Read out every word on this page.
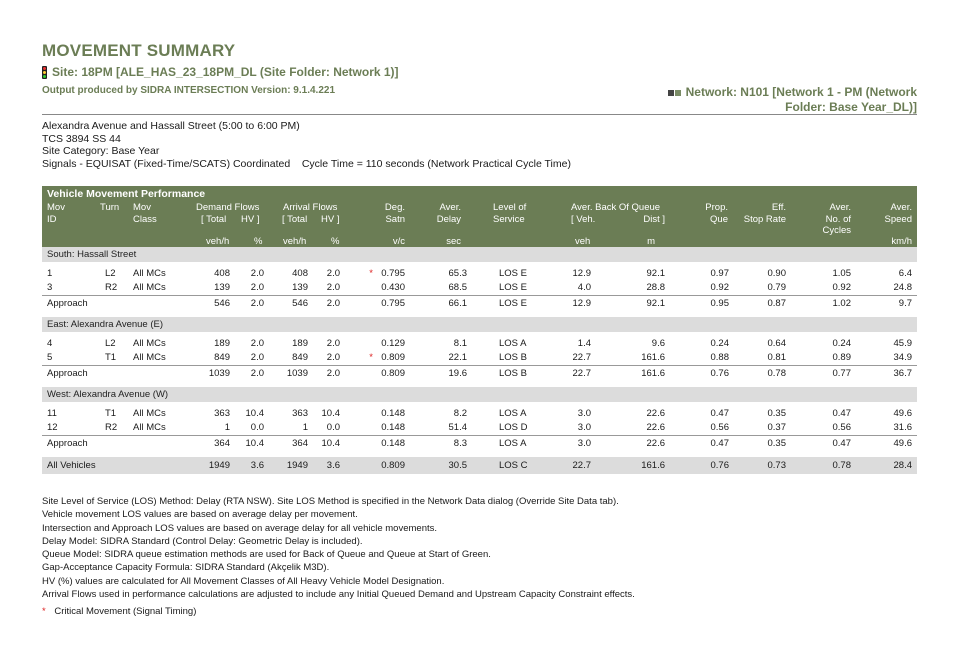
MOVEMENT SUMMARY
Site: 18PM [ALE_HAS_23_18PM_DL (Site Folder: Network 1)]
Output produced by SIDRA INTERSECTION Version: 9.1.4.221	Network: N101 [Network 1 - PM (Network
Folder: Base Year_DL)]
Alexandra Avenue and Hassall Street (5:00 to 6:00 PM)
TCS 3894 SS 44
Site Category: Base Year
Signals - EQUISAT (Fixed-Time/SCATS) Coordinated    Cycle Time = 110 seconds (Network Practical Cycle Time)
Vehicle Movement Performance
Mov	Turn Mov	Demand Flows Arrival Flows	Deg.	Aver.	Level of	Aver. Back Of Queue	Prop.	Eff.	Aver.	Aver.
ID	Class	[ Total HV ] [ Total HV ]	Satn	Delay	Service	[ Veh.	Dist ]	Que Stop Rate	No. of	Speed
Cycles
veh/h	% veh/h	%	v/c	sec	veh	m	km/h
South: Hassall Street
1	L2 All MCs	408 2.0	408 2.0	* 0.795	65.3	LOS E	12.9	92.1	0.97	0.90	1.05	6.4
3	R2 All MCs	139 2.0	139 2.0	0.430	68.5	LOS E	4.0	28.8	0.92	0.79	0.92	24.8
Approach	546 2.0	546 2.0	0.795	66.1	LOS E	12.9	92.1	0.95	0.87	1.02	9.7
East: Alexandra Avenue (E)
4	L2 All MCs	189 2.0	189 2.0	0.129	8.1	LOS A	1.4	9.6	0.24	0.64	0.24	45.9
5	T1 All MCs	849 2.0	849 2.0	* 0.809	22.1	LOS B	22.7	161.6	0.88	0.81	0.89	34.9
Approach	1039 2.0 1039 2.0	0.809	19.6	LOS B	22.7	161.6	0.76	0.78	0.77	36.7
West: Alexandra Avenue (W)
11	T1 All MCs	363 10.4	363 10.4	0.148	8.2	LOS A	3.0	22.6	0.47	0.35	0.47	49.6
12	R2 All MCs	1 0.0	1 0.0	0.148	51.4	LOS D	3.0	22.6	0.56	0.37	0.56	31.6
Approach	364 10.4	364 10.4	0.148	8.3	LOS A	3.0	22.6	0.47	0.35	0.47	49.6
All Vehicles	1949 3.6 1949 3.6	0.809	30.5	LOS C	22.7	161.6	0.76	0.73	0.78	28.4
Site Level of Service (LOS) Method: Delay (RTA NSW). Site LOS Method is specified in the Network Data dialog (Override Site Data tab).
Vehicle movement LOS values are based on average delay per movement.
Intersection and Approach LOS values are based on average delay for all vehicle movements.
Delay Model: SIDRA Standard (Control Delay: Geometric Delay is included).
Queue Model: SIDRA queue estimation methods are used for Back of Queue and Queue at Start of Green.
Gap-Acceptance Capacity Formula: SIDRA Standard (Akçelik M3D).
HV (%) values are calculated for All Movement Classes of All Heavy Vehicle Model Designation.
Arrival Flows used in performance calculations are adjusted to include any Initial Queued Demand and Upstream Capacity Constraint effects.
* Critical Movement (Signal Timing)
